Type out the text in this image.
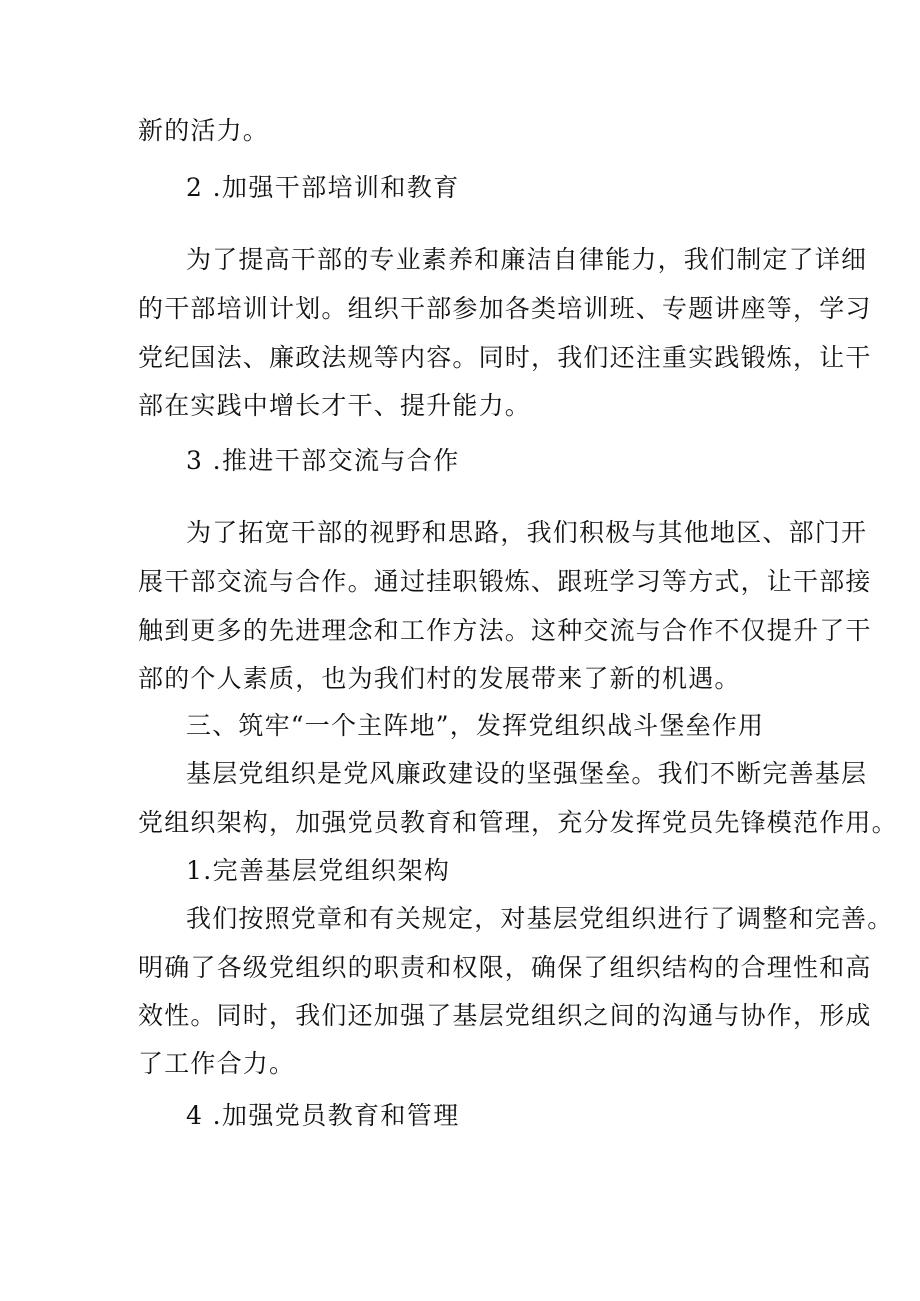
新的活力。
2 .加强干部培训和教育
为了提高干部的专业素养和廉洁自律能力，我们制定了详细
的干部培训计划。组织干部参加各类培训班、专题讲座等，学习
党纪国法、廉政法规等内容。同时，我们还注重实践锻炼，让干
部在实践中增长才干、提升能力。
3 .推进干部交流与合作
为了拓宽干部的视野和思路，我们积极与其他地区、部门开
展干部交流与合作。通过挂职锻炼、跟班学习等方式，让干部接
触到更多的先进理念和工作方法。这种交流与合作不仅提升了干
部的个人素质，也为我们村的发展带来了新的机遇。
三、筑牢“一个主阵地”，发挥党组织战斗堡垒作用
基层党组织是党风廉政建设的坚强堡垒。我们不断完善基层
党组织架构，加强党员教育和管理，充分发挥党员先锋模范作用。
1.完善基层党组织架构
我们按照党章和有关规定，对基层党组织进行了调整和完善。
明确了各级党组织的职责和权限，确保了组织结构的合理性和高
效性。同时，我们还加强了基层党组织之间的沟通与协作，形成
了工作合力。
4 .加强党员教育和管理
